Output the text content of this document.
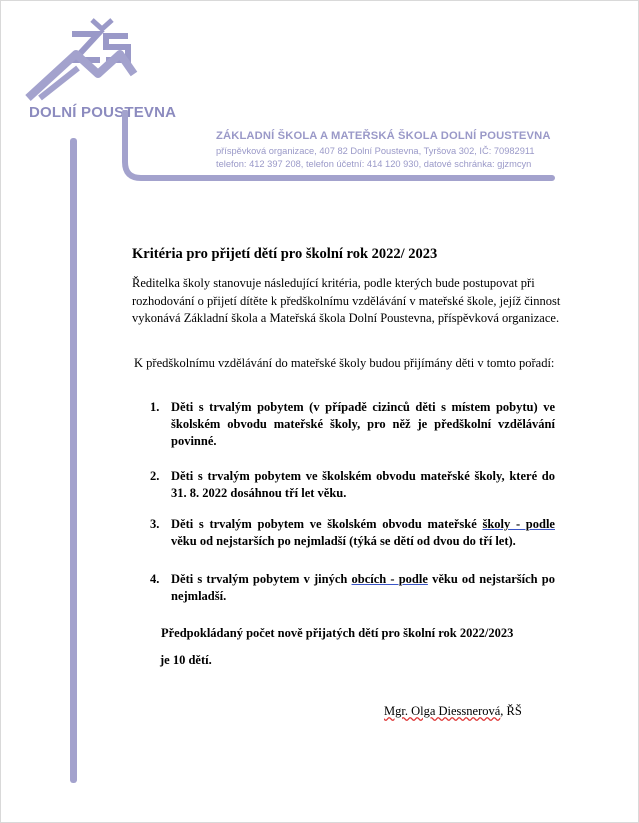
DOLNÍ POUSTEVNA
ZÁKLADNÍ ŠKOLA A MATEŘSKÁ ŠKOLA DOLNÍ POUSTEVNA
příspěvková organizace, 407 82 Dolní Poustevna, Tyršova 302, IČ: 70982911
telefon: 412 397 208, telefon účetní: 414 120 930, datové schránka: gjzmcyn
Kritéria pro přijetí dětí pro školní rok 2022/ 2023

Ředitelka školy stanovuje následující kritéria, podle kterých bude postupovat při rozhodování o přijetí dítěte k předškolnímu vzdělávání v mateřské škole, jejíž činnost vykonává Základní škola a Mateřská škola Dolní Poustevna, příspěvková organizace.

K předškolnímu vzdělávání do mateřské školy budou přijímány děti v tomto pořadí:

1. Děti s trvalým pobytem (v případě cizinců děti s místem pobytu) ve školském obvodu mateřské školy, pro něž je předškolní vzdělávání povinné.
2. Děti s trvalým pobytem ve školském obvodu mateřské školy, které do 31. 8. 2022 dosáhnou tří let věku.
3. Děti s trvalým pobytem ve školském obvodu mateřské školy - podle věku od nejstarších po nejmladší (týká se dětí od dvou do tří let).
4. Děti s trvalým pobytem v jiných obcích - podle věku od nejstarších po nejmladší.

Předpokládaný počet nově přijatých dětí pro školní rok 2022/2023

je 10 dětí.

Mgr. Olga Diessnerová, ŘŠ
